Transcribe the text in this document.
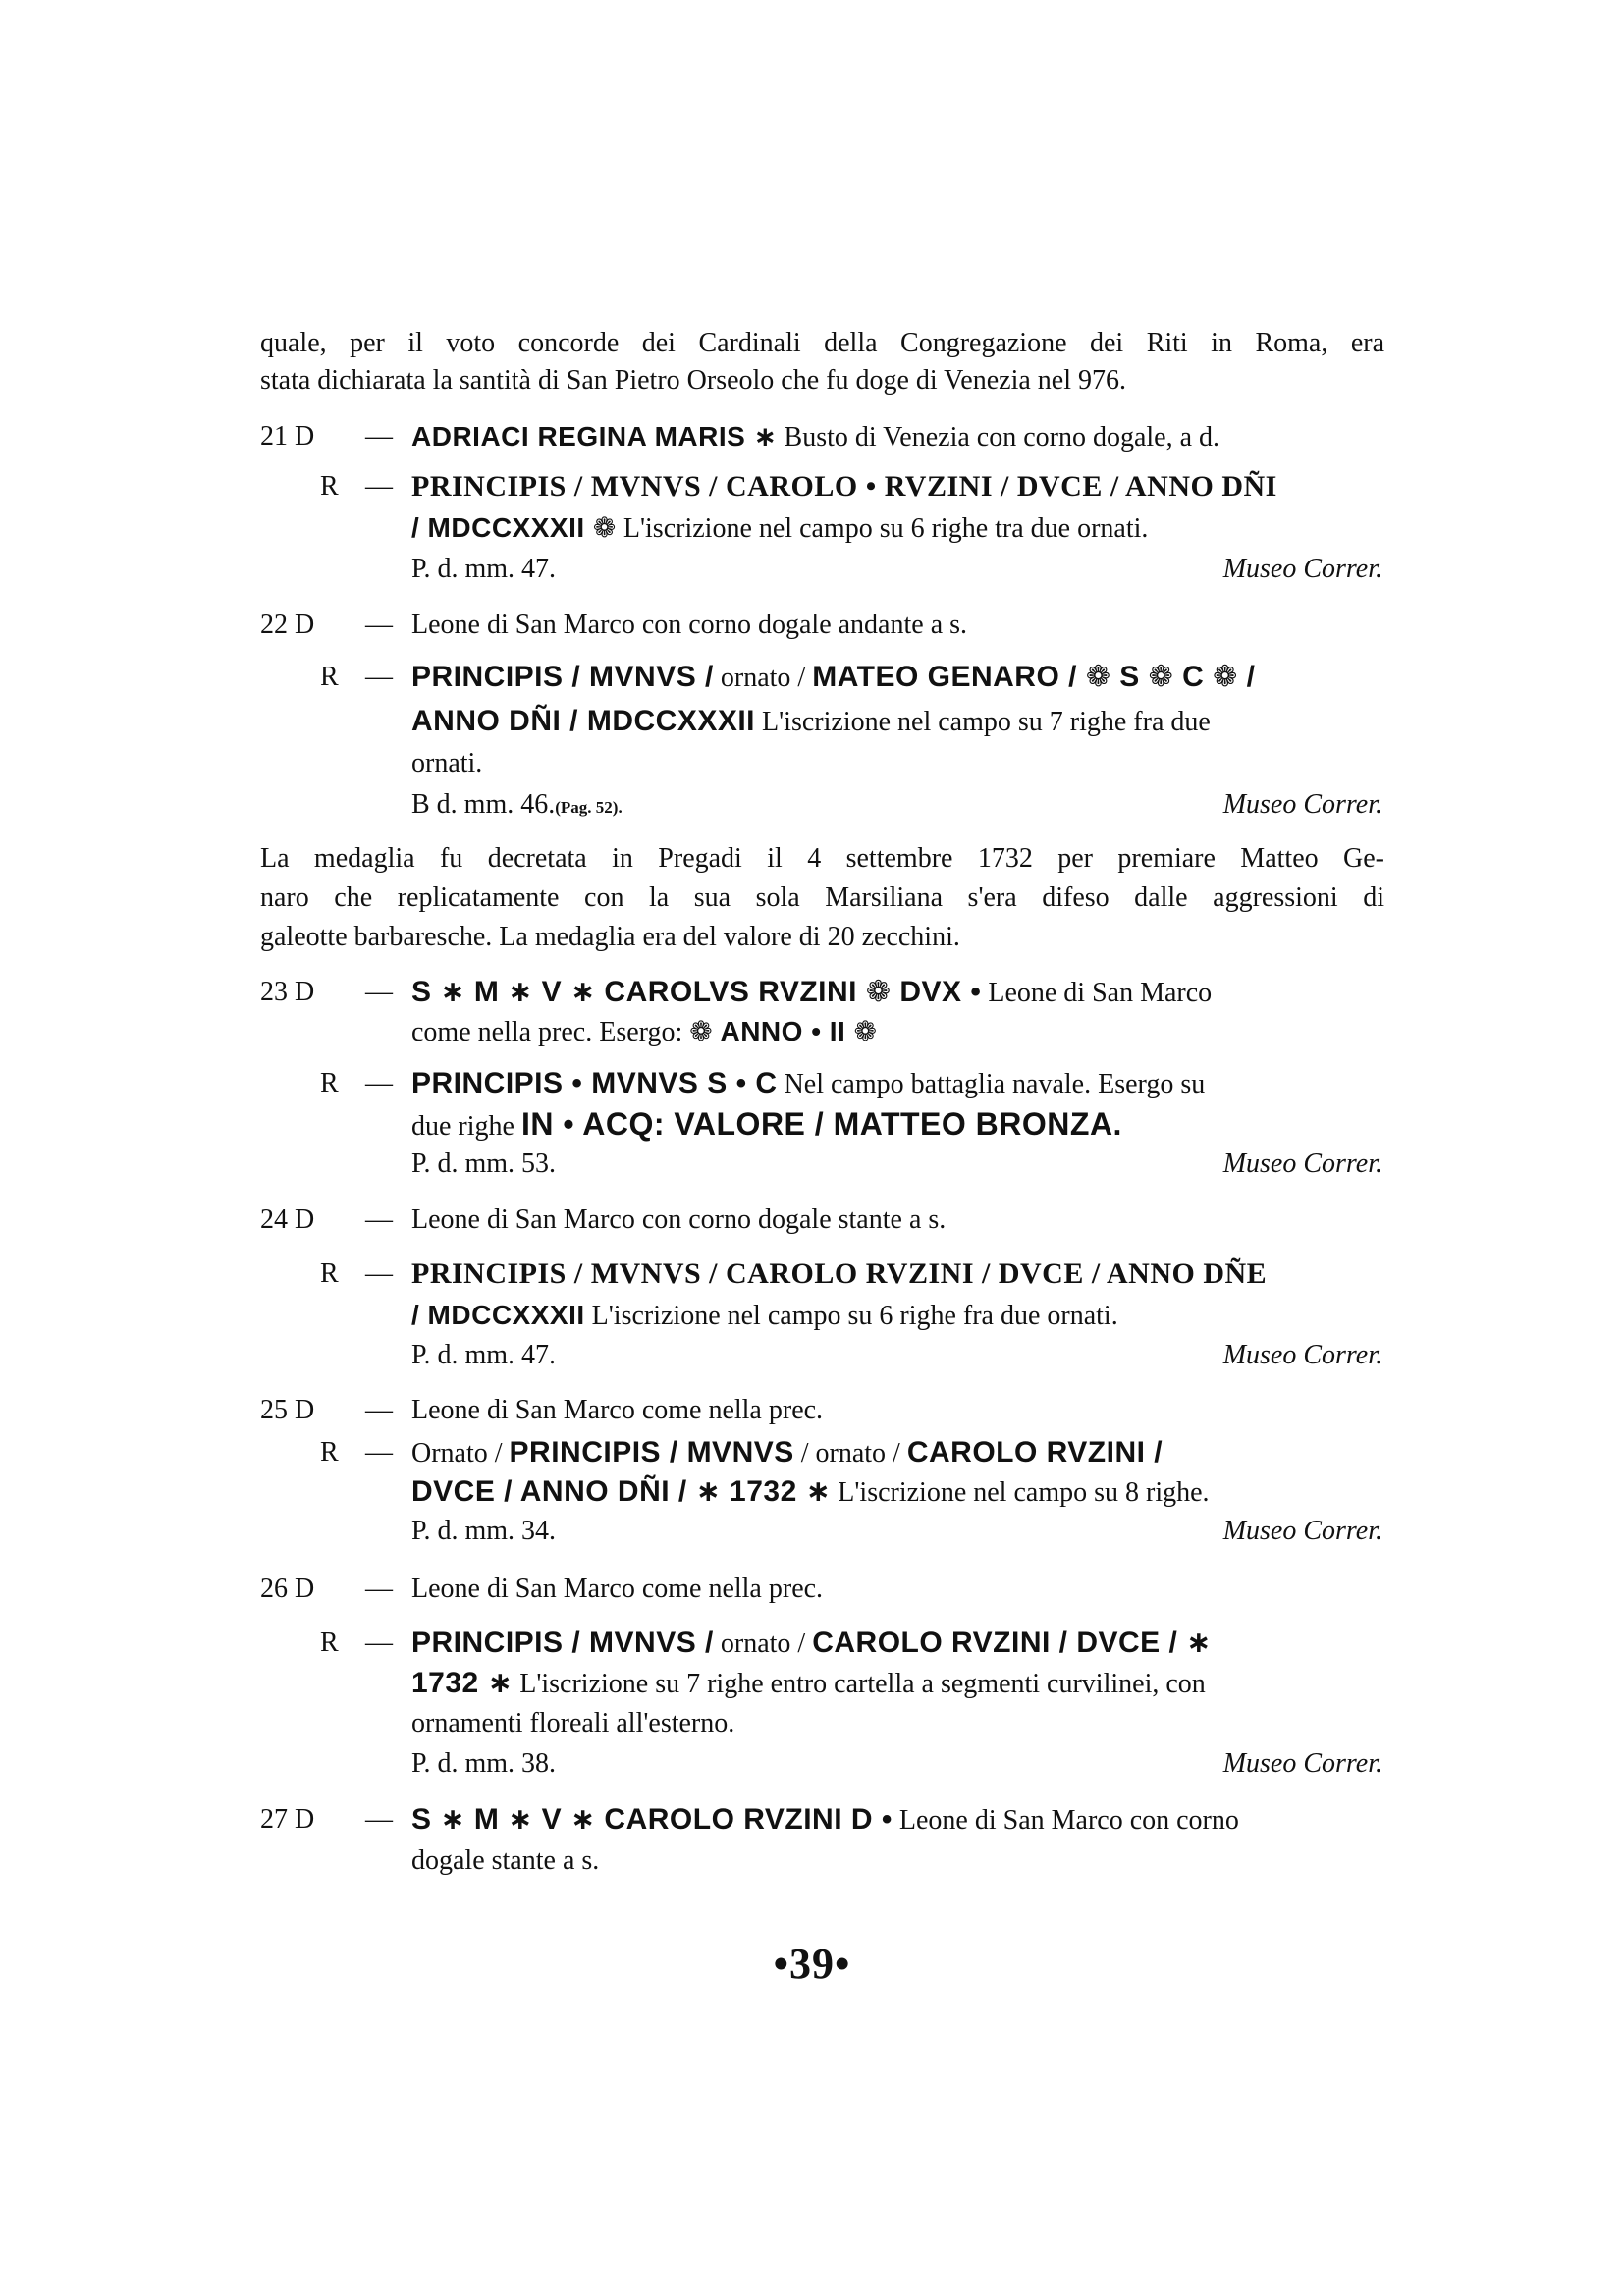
quale, per il voto concorde dei Cardinali della Congregazione dei Riti in Roma, era
stata dichiarata la santità di San Pietro Orseolo che fu doge di Venezia nel 976.
21 D — ADRIACI REGINA MARIS ∗ Busto di Venezia con corno dogale, a d.
R — PRINCIPIS / MVNVS / CAROLO • RVZINI / DVCE / ANNO DÑI
/ MDCCXXXII ❁ L'iscrizione nel campo su 6 righe tra due ornati.
P. d. mm. 47.	Museo Correr.
22 D — Leone di San Marco con corno dogale andante a s.
R — PRINCIPIS / MVNVS / ornato / MATEO GENARO / ❁ S ❁ C ❁ /
ANNO DÑI / MDCCXXXII L'iscrizione nel campo su 7 righe fra due
ornati.
B d. mm. 46.(Pag. 52).	Museo Correr.
La medaglia fu decretata in Pregadi il 4 settembre 1732 per premiare Matteo Ge-
naro che replicatamente con la sua sola Marsiliana s'era difeso dalle aggressioni di
galeotte barbaresche. La medaglia era del valore di 20 zecchini.
23 D — S ∗ M ∗ V ∗ CAROLVS RVZINI ❁ DVX • Leone di San Marco
come nella prec. Esergo: ❁ ANNO • II ❁
R — PRINCIPIS • MVNVS S • C Nel campo battaglia navale. Esergo su
due righe IN • ACQ: VALORE / MATTEO BRONZA.
P. d. mm. 53.	Museo Correr.
24 D — Leone di San Marco con corno dogale stante a s.
R — PRINCIPIS / MVNVS / CAROLO RVZINI / DVCE / ANNO DÑE
/ MDCCXXXII L'iscrizione nel campo su 6 righe fra due ornati.
P. d. mm. 47.	Museo Correr.
25 D — Leone di San Marco come nella prec.
R — Ornato / PRINCIPIS / MVNVS / ornato / CAROLO RVZINI /
DVCE / ANNO DÑI / ∗ 1732 ∗ L'iscrizione nel campo su 8 righe.
P. d. mm. 34.	Museo Correr.
26 D — Leone di San Marco come nella prec.
R — PRINCIPIS / MVNVS / ornato / CAROLO RVZINI / DVCE / ∗
1732 ∗ L'iscrizione su 7 righe entro cartella a segmenti curvilinei, con
ornamenti floreali all'esterno.
P. d. mm. 38.	Museo Correr.
27 D — S ∗ M ∗ V ∗ CAROLO RVZINI D • Leone di San Marco con corno
dogale stante a s.
•39•
